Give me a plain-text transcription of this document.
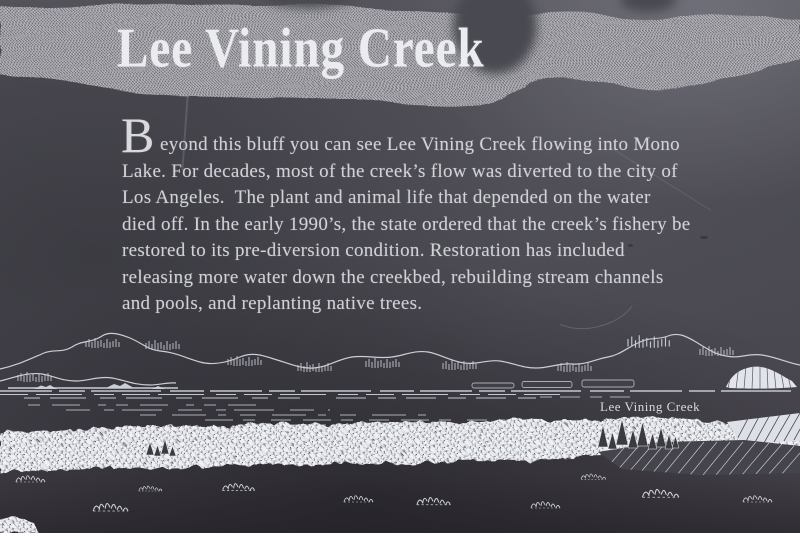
Lee Vining Creek
B eyond this bluff you can see Lee Vining Creek flowing into Mono
Lake. For decades, most of the creek’s flow was diverted to the city of
Los Angeles.  The plant and animal life that depended on the water
died off. In the early 1990’s, the state ordered that the creek’s fishery be
restored to its pre-diversion condition. Restoration has included
releasing more water down the creekbed, rebuilding stream channels
and pools, and replanting native trees.
Lee Vining Creek
